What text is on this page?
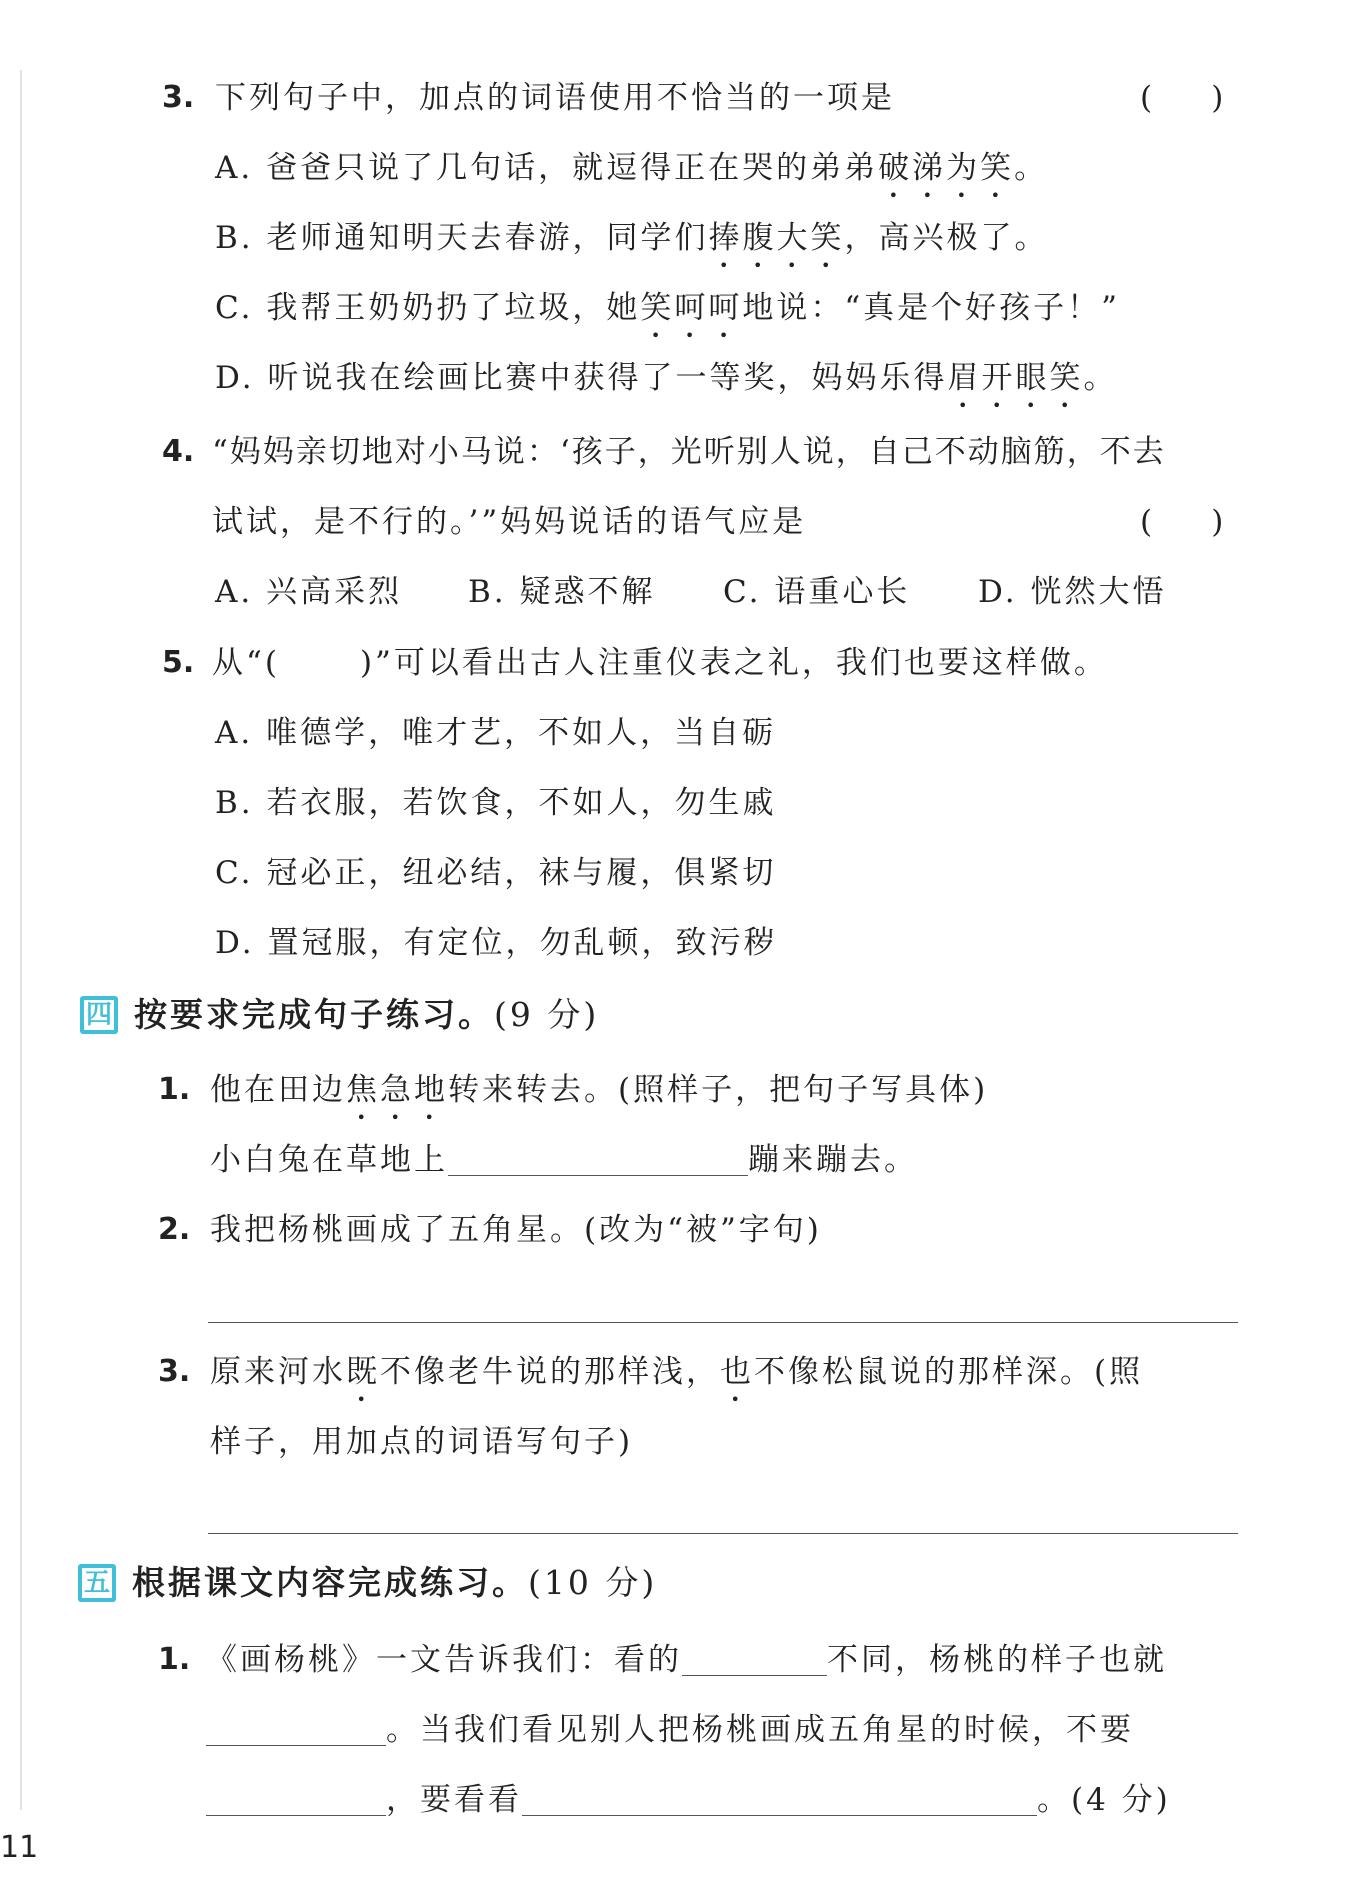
3. 下列句子中，加点的词语使用不恰当的一项是	(      )
A. 爸爸只说了几句话，就逗得正在哭的弟弟破涕为笑。
B. 老师通知明天去春游，同学们捧腹大笑，高兴极了。
C. 我帮王奶奶扔了垃圾，她笑呵呵地说：“真是个好孩子！”
D. 听说我在绘画比赛中获得了一等奖，妈妈乐得眉开眼笑。
4. “妈妈亲切地对小马说：‘孩子，光听别人说，自己不动脑筋，不去
试试，是不行的。’”妈妈说话的语气应是	(      )
A. 兴高采烈 B. 疑惑不解 C. 语重心长 D. 恍然大悟
5. 从“(	)”可以看出古人注重仪表之礼，我们也要这样做。
A. 唯德学，唯才艺，不如人，当自砺
B. 若衣服，若饮食，不如人，勿生戚
C. 冠必正，纽必结，袜与履，俱紧切
D. 置冠服，有定位，勿乱顿，致污秽
四 按要求完成句子练习。(9 分)
1. 他在田边焦急地转来转去。(照样子，把句子写具体)
小白兔在草地上	蹦来蹦去。
2. 我把杨桃画成了五角星。(改为“被”字句)
3. 原来河水既不像老牛说的那样浅，也不像松鼠说的那样深。(照
样子，用加点的词语写句子)
五 根据课文内容完成练习。(10 分)
1. 《画杨桃》一文告诉我们：看的	不同，杨桃的样子也就
。当我们看见别人把杨桃画成五角星的时候，不要
，要看看	。(4 分)
11
